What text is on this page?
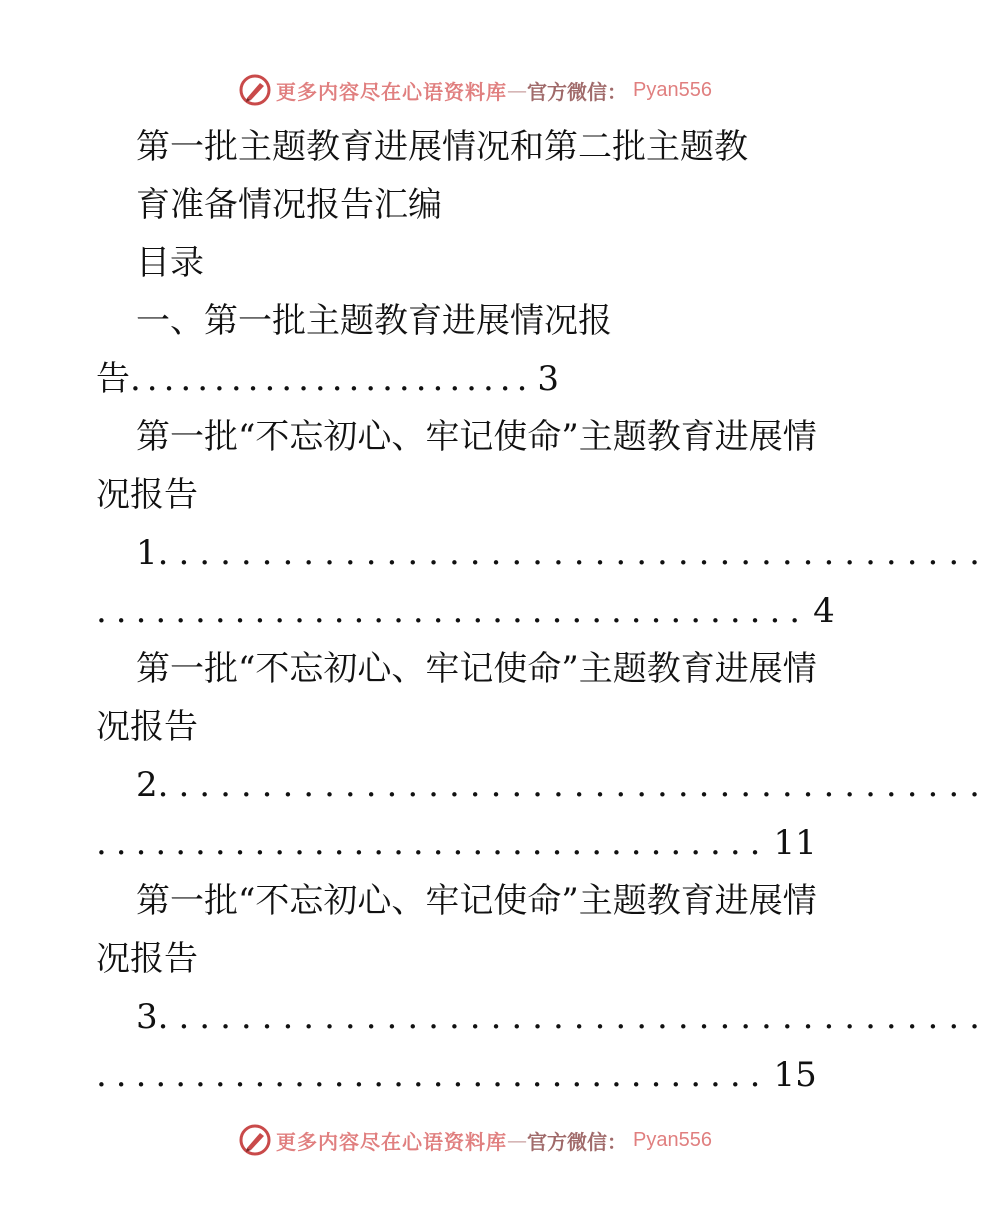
更多内容尽在心语资料库 — 官方微信： Pyan556
第一批主题教育进展情况和第二批主题教
育准备情况报告汇编
目录
一、第一批主题教育进展情况报
告........................ 3
第一批“不忘初心、牢记使命”主题教育进展情
况报告
1........................................
.................................... 4
第一批“不忘初心、牢记使命”主题教育进展情
况报告
2........................................
.................................. 11
第一批“不忘初心、牢记使命”主题教育进展情
况报告
3........................................
.................................. 15
更多内容尽在心语资料库 — 官方微信： Pyan556
